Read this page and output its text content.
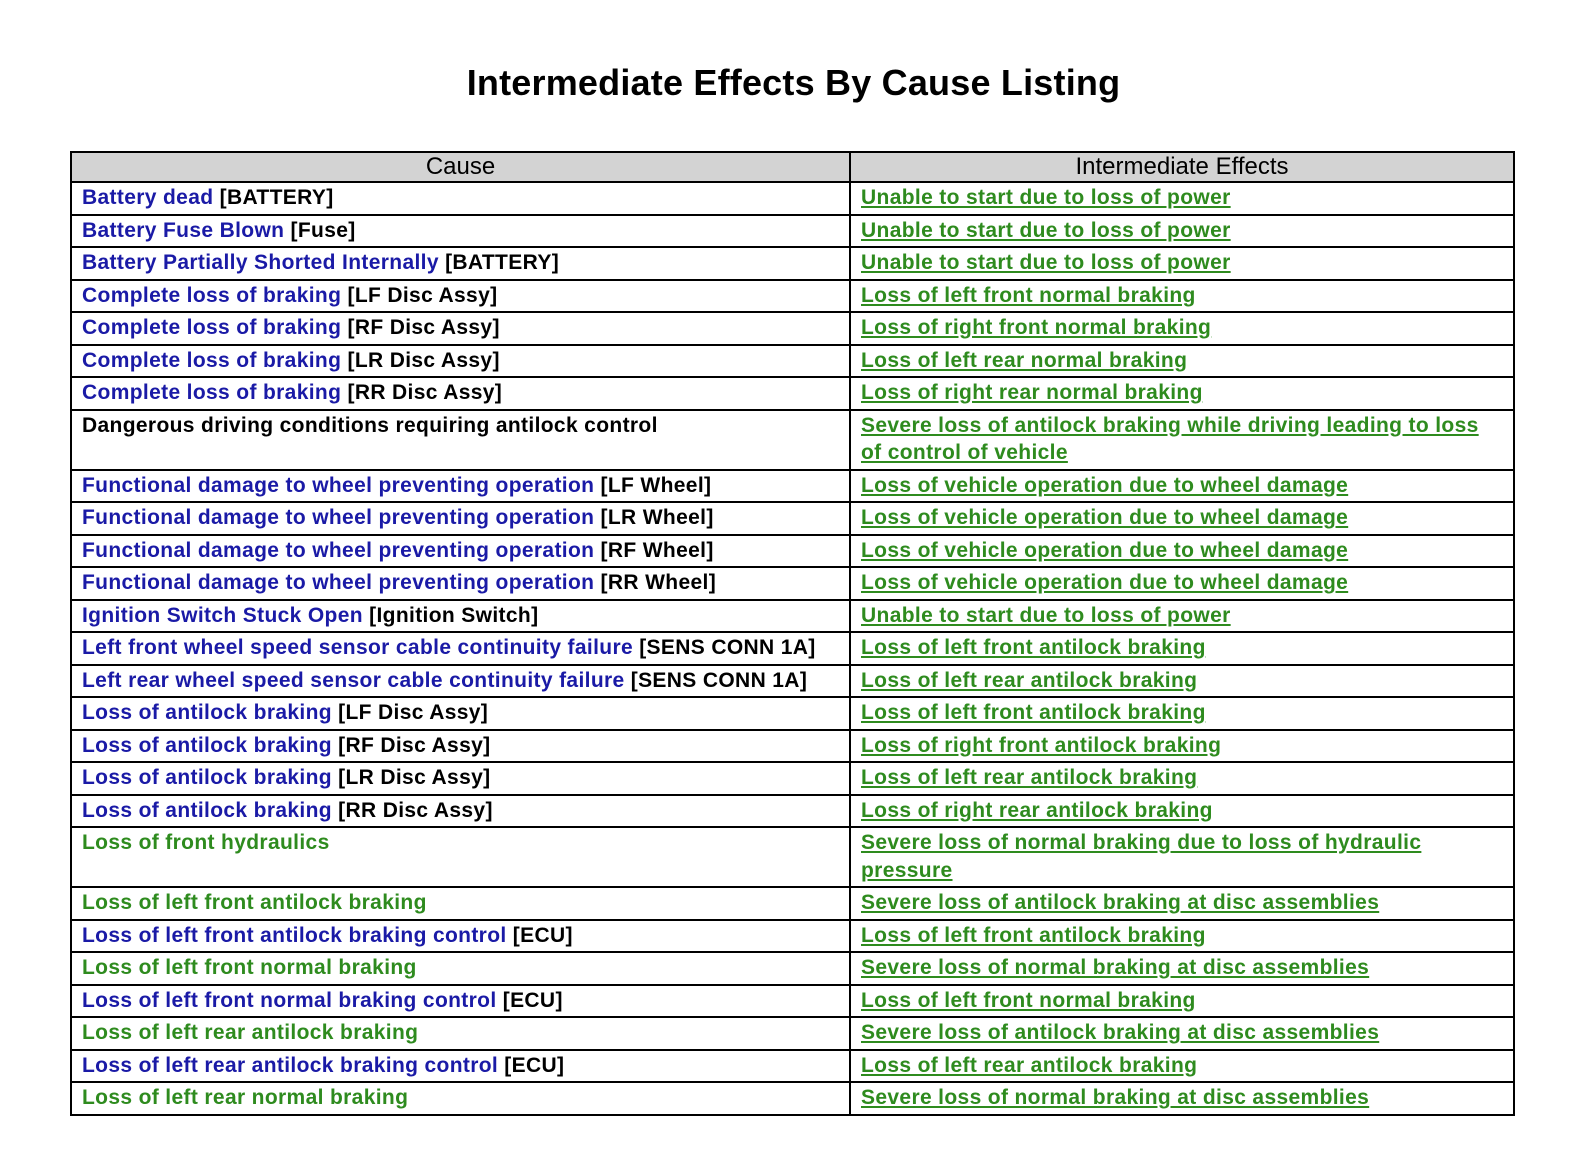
Intermediate Effects By Cause Listing
Cause	Intermediate Effects
Battery dead [BATTERY]	Unable to start due to loss of power
Battery Fuse Blown [Fuse]	Unable to start due to loss of power
Battery Partially Shorted Internally [BATTERY]	Unable to start due to loss of power
Complete loss of braking [LF Disc Assy]	Loss of left front normal braking
Complete loss of braking [RF Disc Assy]	Loss of right front normal braking
Complete loss of braking [LR Disc Assy]	Loss of left rear normal braking
Complete loss of braking [RR Disc Assy]	Loss of right rear normal braking
Dangerous driving conditions requiring antilock control	Severe loss of antilock braking while driving leading to loss of control of vehicle
Functional damage to wheel preventing operation [LF Wheel]	Loss of vehicle operation due to wheel damage
Functional damage to wheel preventing operation [LR Wheel]	Loss of vehicle operation due to wheel damage
Functional damage to wheel preventing operation [RF Wheel]	Loss of vehicle operation due to wheel damage
Functional damage to wheel preventing operation [RR Wheel]	Loss of vehicle operation due to wheel damage
Ignition Switch Stuck Open [Ignition Switch]	Unable to start due to loss of power
Left front wheel speed sensor cable continuity failure [SENS CONN 1A]	Loss of left front antilock braking
Left rear wheel speed sensor cable continuity failure [SENS CONN 1A]	Loss of left rear antilock braking
Loss of antilock braking [LF Disc Assy]	Loss of left front antilock braking
Loss of antilock braking [RF Disc Assy]	Loss of right front antilock braking
Loss of antilock braking [LR Disc Assy]	Loss of left rear antilock braking
Loss of antilock braking [RR Disc Assy]	Loss of right rear antilock braking
Loss of front hydraulics	Severe loss of normal braking due to loss of hydraulic pressure
Loss of left front antilock braking	Severe loss of antilock braking at disc assemblies
Loss of left front antilock braking control [ECU]	Loss of left front antilock braking
Loss of left front normal braking	Severe loss of normal braking at disc assemblies
Loss of left front normal braking control [ECU]	Loss of left front normal braking
Loss of left rear antilock braking	Severe loss of antilock braking at disc assemblies
Loss of left rear antilock braking control [ECU]	Loss of left rear antilock braking
Loss of left rear normal braking	Severe loss of normal braking at disc assemblies
